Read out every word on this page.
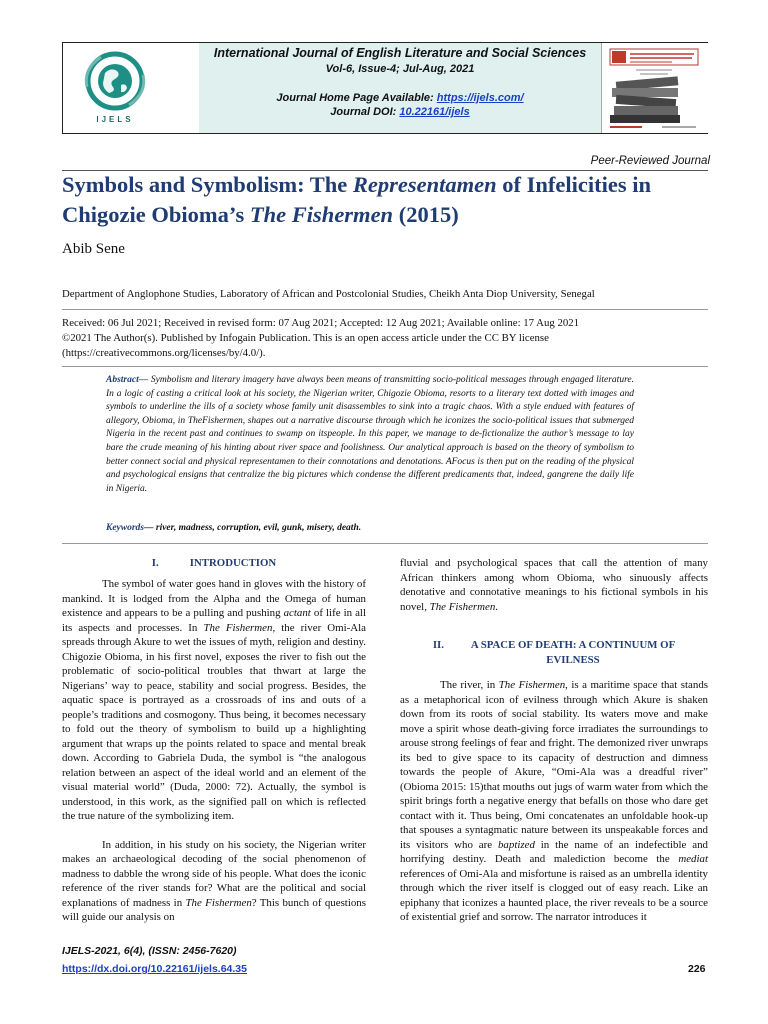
IJELS
International Journal of English Literature and Social Sciences
Vol-6, Issue-4; Jul-Aug, 2021
Journal Home Page Available: https://ijels.com/
Journal DOI: 10.22161/ijels
Peer-Reviewed Journal
Symbols and Symbolism: The Representamen of Infelicities in Chigozie Obioma’s The Fishermen (2015)
Abib Sene
Department of Anglophone Studies, Laboratory of African and Postcolonial Studies, Cheikh Anta Diop University, Senegal
Received: 06 Jul 2021; Received in revised form: 07 Aug 2021; Accepted: 12 Aug 2021; Available online: 17 Aug 2021
©2021 The Author(s). Published by Infogain Publication. This is an open access article under the CC BY license
(https://creativecommons.org/licenses/by/4.0/).
Abstract— Symbolism and literary imagery have always been means of transmitting socio-political messages through engaged literature. In a logic of casting a critical look at his society, the Nigerian writer, Chigozie Obioma, resorts to a literary text dotted with images and symbols to underline the ills of a society whose family unit disassembles to sink into a tragic chaos. With a style endued with features of allegory, Obioma, in TheFishermen, shapes out a narrative discourse through which he iconizes the socio-political issues that submerged Nigeria in the recent past and continues to swamp on itspeople. In this paper, we manage to de-fictionalize the author’s message to lay bare the crude meaning of his hinting about river space and foolishness. Our analytical approach is based on the theory of symbolism to better connect social and physical representamen to their connotations and denotations. AFocus is then put on the reading of the physical and psychological ensigns that centralize the big pictures which condense the different predicaments that, indeed, gangrene the daily life in Nigeria.
Keywords— river, madness, corruption, evil, gunk, misery, death.
I.	INTRODUCTION

The symbol of water goes hand in gloves with the history of mankind. It is lodged from the Alpha and the Omega of human existence and appears to be a pulling and pushing actant of life in all its aspects and processes. In The Fishermen, the river Omi-Ala spreads through Akure to wet the issues of myth, religion and destiny. Chigozie Obioma, in his first novel, exposes the river to fish out the problematic of socio-political troubles that thwart at large the Nigerians’ way to peace, stability and social progress. Besides, the aquatic space is portrayed as a crossroads of ins and outs of a people’s traditions and cosmogony. Thus being, it becomes necessary to fold out the theory of symbolism to build up a highlighting argument that wraps up the points related to space and mental break down. According to Gabriela Duda, the symbol is “the analogous relation between an aspect of the ideal world and an element of the visual material world” (Duda, 2000: 72). Actually, the symbol is understood, in this work, as the signified pall on which is reflected the true nature of the symbolizing item.

In addition, in his study on his society, the Nigerian writer makes an archaeological decoding of the social phenomenon of madness to dabble the wrong side of his people. What does the iconic reference of the river stands for? What are the political and social explanations of madness in The Fishermen? This bunch of questions will guide our analysis on

fluvial and psychological spaces that call the attention of many African thinkers among whom Obioma, who sinuously affects denotative and connotative meanings to his fictional symbols in his novel, The Fishermen.

II. A SPACE OF DEATH: A CONTINUUM OF
EVILNESS

The river, in The Fishermen, is a maritime space that stands as a metaphorical icon of evilness through which Akure is shaken down from its roots of social stability. Its waters move and make move a spirit whose death-giving force irradiates the surroundings to arouse strong feelings of fear and fright. The demonized river unwraps its bed to give space to its capacity of destruction and dimness towards the people of Akure, “Omi-Ala was a dreadful river” (Obioma 2015: 15)that mouths out jugs of warm water from which the spirit brings forth a negative energy that befalls on those who dare get contact with it. Thus being, Omi concatenates an unfoldable hook-up that spouses a syntagmatic nature between its unspeakable forces and its visitors who are baptized in the name of an indefectible and horrifying destiny. Death and malediction become the mediat references of Omi-Ala and misfortune is raised as an umbrella identity through which the river itself is clogged out of easy reach. Like an epiphany that iconizes a haunted place, the river reveals to be a source of existential grief and sorrow. The narrator introduces it

IJELS-2021, 6(4), (ISSN: 2456-7620)
https://dx.doi.org/10.22161/ijels.64.35	226
